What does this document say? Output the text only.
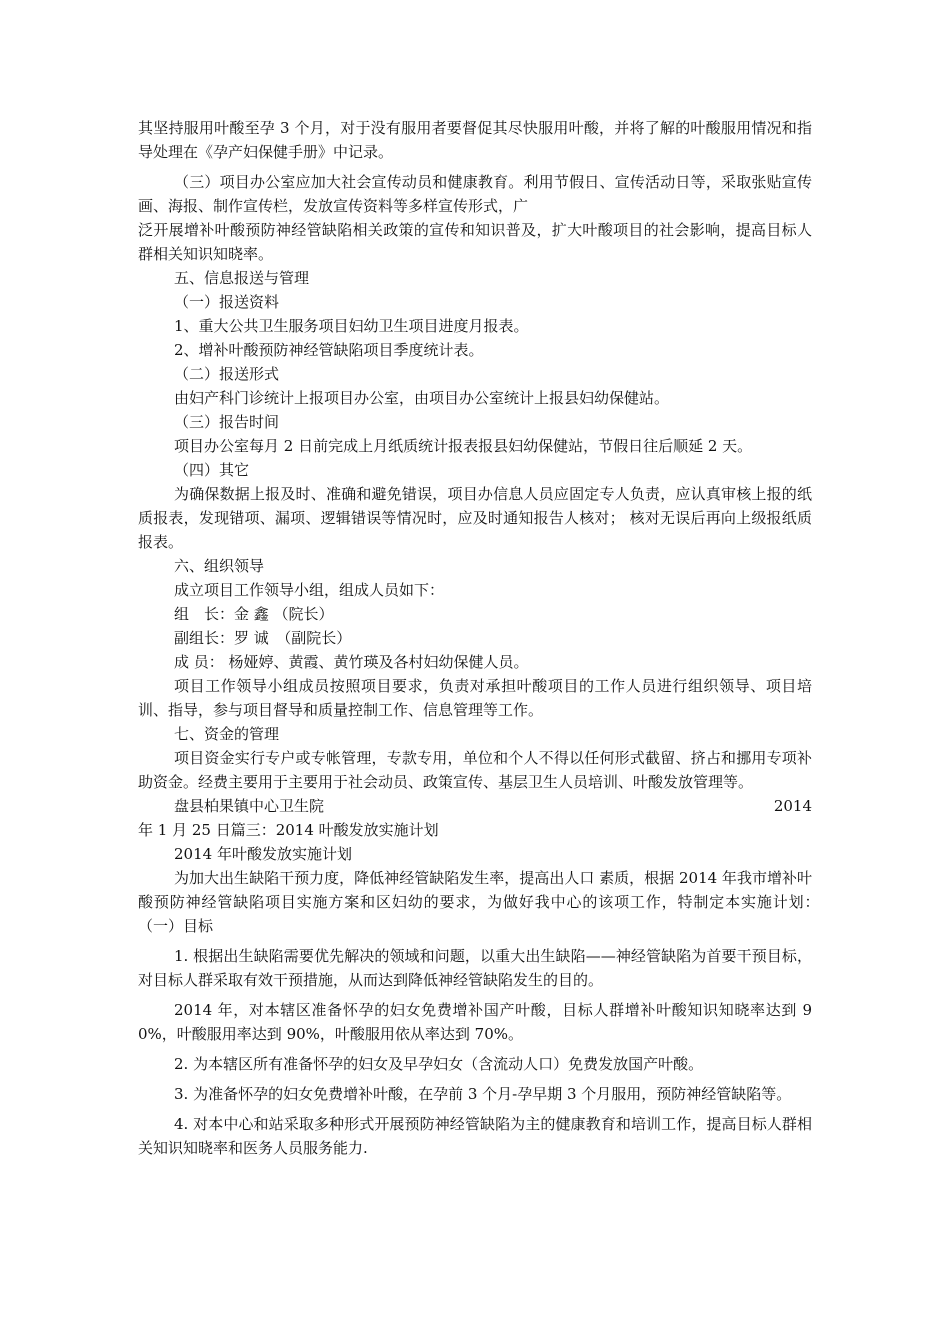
其坚持服用叶酸至孕 3 个月，对于没有服用者要督促其尽快服用叶酸，并将了解的叶酸服用情况和指导处理在《孕产妇保健手册》中记录。

（三）项目办公室应加大社会宣传动员和健康教育。利用节假日、宣传活动日等，采取张贴宣传画、海报、制作宣传栏，发放宣传资料等多样宣传形式，广

泛开展增补叶酸预防神经管缺陷相关政策的宣传和知识普及，扩大叶酸项目的社会影响，提高目标人群相关知识知晓率。

五、信息报送与管理

（一）报送资料

1、重大公共卫生服务项目妇幼卫生项目进度月报表。

2、增补叶酸预防神经管缺陷项目季度统计表。

（二）报送形式

由妇产科门诊统计上报项目办公室，由项目办公室统计上报县妇幼保健站。

（三）报告时间

项目办公室每月 2 日前完成上月纸质统计报表报县妇幼保健站，节假日往后顺延 2 天。

（四）其它

为确保数据上报及时、准确和避免错误，项目办信息人员应固定专人负责，应认真审核上报的纸质报表，发现错项、漏项、逻辑错误等情况时，应及时通知报告人核对； 核对无误后再向上级报纸质报表。

六、组织领导

成立项目工作领导小组，组成人员如下：

组　长：金 鑫 （院长）

副组长：罗 诚　（副院长）

成 员： 杨娅婷、黄霞、黄竹瑛及各村妇幼保健人员。

项目工作领导小组成员按照项目要求，负责对承担叶酸项目的工作人员进行组织领导、项目培训、指导，参与项目督导和质量控制工作、信息管理等工作。

七、资金的管理

项目资金实行专户或专帐管理，专款专用，单位和个人不得以任何形式截留、挤占和挪用专项补助资金。经费主要用于主要用于社会动员、政策宣传、基层卫生人员培训、叶酸发放管理等。

盘县柏果镇中心卫生院	2014

年 1 月 25 日篇三：2014 叶酸发放实施计划

2014 年叶酸发放实施计划

为加大出生缺陷干预力度，降低神经管缺陷发生率，提高出人口 素质，根据 2014 年我市增补叶酸预防神经管缺陷项目实施方案和区妇幼的要求，为做好我中心的该项工作，特制定本实施计划：　　（一）目标

1. 根据出生缺陷需要优先解决的领域和问题，以重大出生缺陷——神经管缺陷为首要干预目标，对目标人群采取有效干预措施，从而达到降低神经管缺陷发生的目的。

2014 年，对本辖区准备怀孕的妇女免费增补国产叶酸，目标人群增补叶酸知识知晓率达到 90%，叶酸服用率达到 90%，叶酸服用依从率达到 70%。

2. 为本辖区所有准备怀孕的妇女及早孕妇女（含流动人口）免费发放国产叶酸。

3. 为准备怀孕的妇女免费增补叶酸，在孕前 3 个月-孕早期 3 个月服用，预防神经管缺陷等。

4. 对本中心和站采取多种形式开展预防神经管缺陷为主的健康教育和培训工作，提高目标人群相关知识知晓率和医务人员服务能力.
